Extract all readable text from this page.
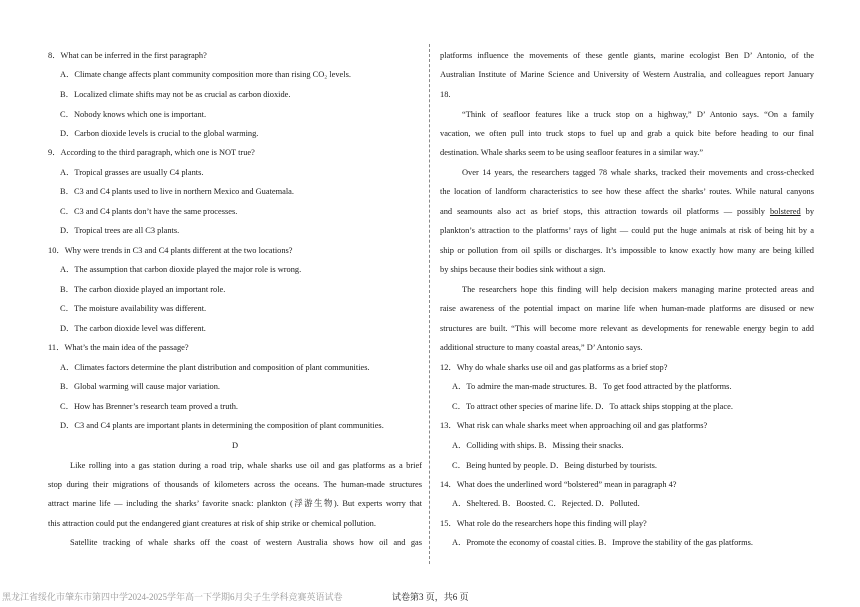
8．What can be inferred in the first paragraph?
A．Climate change affects plant community composition more than rising CO₂ levels.
B．Localized climate shifts may not be as crucial as carbon dioxide.
C．Nobody knows which one is important.
D．Carbon dioxide levels is crucial to the global warming.
9．According to the third paragraph, which one is NOT true?
A．Tropical grasses are usually C4 plants.
B．C3 and C4 plants used to live in northern Mexico and Guatemala.
C．C3 and C4 plants don’t have the same processes.
D．Tropical trees are all C3 plants.
10．Why were trends in C3 and C4 plants different at the two locations?
A．The assumption that carbon dioxide played the major role is wrong.
B．The carbon dioxide played an important role.
C．The moisture availability was different.
D．The carbon dioxide level was different.
11．What’s the main idea of the passage?
A．Climates factors determine the plant distribution and composition of plant communities.
B．Global warming will cause major variation.
C．How has Brenner’s research team proved a truth.
D．C3 and C4 plants are important plants in determining the composition of plant communities.
D
Like rolling into a gas station during a road trip, whale sharks use oil and gas platforms as a brief
stop during their migrations of thousands of kilometers across the oceans. The human-made structures
attract marine life — including the sharks’ favorite snack: plankton (浮游生物). But experts worry that
this attraction could put the endangered giant creatures at risk of ship strike or chemical pollution.
Satellite tracking of whale sharks off the coast of western Australia shows how oil and gas
platforms influence the movements of these gentle giants, marine ecologist Ben D’ Antonio, of the
Australian Institute of Marine Science and University of Western Australia, and colleagues report January
18.
“Think of seafloor features like a truck stop on a highway,” D’ Antonio says. “On a family
vacation, we often pull into truck stops to fuel up and grab a quick bite before heading to our final
destination. Whale sharks seem to be using seafloor features in a similar way.”
Over 14 years, the researchers tagged 78 whale sharks, tracked their movements and cross-checked
the location of landform characteristics to see how these affect the sharks’ routes. While natural canyons
and seamounts also act as brief stops, this attraction towards oil platforms — possibly bolstered by
plankton’s attraction to the platforms’ rays of light — could put the huge animals at risk of being hit by a
ship or pollution from oil spills or discharges. It’s impossible to know exactly how many are being killed
by ships because their bodies sink without a sign.
The researchers hope this finding will help decision makers managing marine protected areas and
raise awareness of the potential impact on marine life when human-made platforms are disused or new
structures are built. “This will become more relevant as developments for renewable energy begin to add
additional structure to many coastal areas,” D’ Antonio says.
12．Why do whale sharks use oil and gas platforms as a brief stop?
A．To admire the man-made structures. B．To get food attracted by the platforms.
C．To attract other species of marine life. D．To attack ships stopping at the place.
13．What risk can whale sharks meet when approaching oil and gas platforms?
A．Colliding with ships. B．Missing their snacks.
C．Being hunted by people. D．Being disturbed by tourists.
14．What does the underlined word “bolstered” mean in paragraph 4?
A．Sheltered. B．Boosted. C．Rejected. D．Polluted.
15．What role do the researchers hope this finding will play?
A．Promote the economy of coastal cities. B．Improve the stability of the gas platforms.
黑龙江省绥化市肇东市第四中学2024-2025学年高一下学期6月尖子生学科竞赛英语试卷	试卷第3 页，共6 页
